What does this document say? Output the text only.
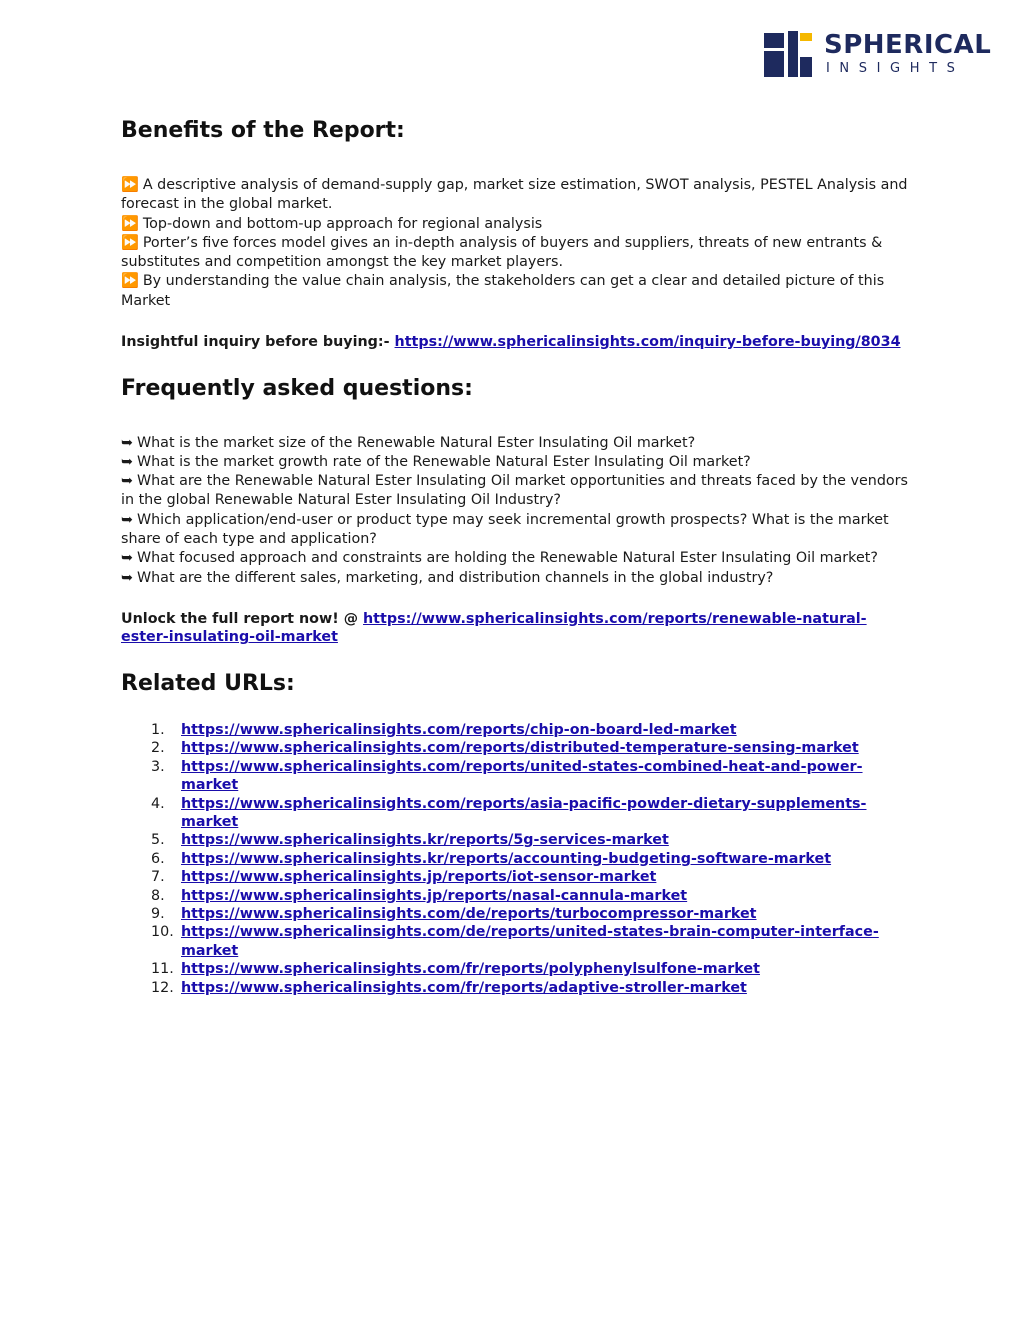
SPHERICAL
INSIGHTS
Benefits of the Report:

⏩ A descriptive analysis of demand-supply gap, market size estimation, SWOT analysis, PESTEL Analysis and forecast in the global market.

⏩ Top-down and bottom-up approach for regional analysis

⏩ Porter’s five forces model gives an in-depth analysis of buyers and suppliers, threats of new entrants & substitutes and competition amongst the key market players.

⏩ By understanding the value chain analysis, the stakeholders can get a clear and detailed picture of this Market

Insightful inquiry before buying:- https://www.sphericalinsights.com/inquiry-before-buying/8034
Frequently asked questions:

➥ What is the market size of the Renewable Natural Ester Insulating Oil market?

➥ What is the market growth rate of the Renewable Natural Ester Insulating Oil market?

➥ What are the Renewable Natural Ester Insulating Oil market opportunities and threats faced by the vendors in the global Renewable Natural Ester Insulating Oil Industry?

➥ Which application/end-user or product type may seek incremental growth prospects? What is the market share of each type and application?

➥ What focused approach and constraints are holding the Renewable Natural Ester Insulating Oil market?

➥ What are the different sales, marketing, and distribution channels in the global industry?

Unlock the full report now! @ https://www.sphericalinsights.com/reports/renewable-natural-ester-insulating-oil-market
Related URLs:
1. https://www.sphericalinsights.com/reports/chip-on-board-led-market
2. https://www.sphericalinsights.com/reports/distributed-temperature-sensing-market
3. https://www.sphericalinsights.com/reports/united-states-combined-heat-and-power-market
4. https://www.sphericalinsights.com/reports/asia-pacific-powder-dietary-supplements-market
5. https://www.sphericalinsights.kr/reports/5g-services-market
6. https://www.sphericalinsights.kr/reports/accounting-budgeting-software-market
7. https://www.sphericalinsights.jp/reports/iot-sensor-market
8. https://www.sphericalinsights.jp/reports/nasal-cannula-market
9. https://www.sphericalinsights.com/de/reports/turbocompressor-market
10. https://www.sphericalinsights.com/de/reports/united-states-brain-computer-interface-market
11. https://www.sphericalinsights.com/fr/reports/polyphenylsulfone-market
12. https://www.sphericalinsights.com/fr/reports/adaptive-stroller-market
